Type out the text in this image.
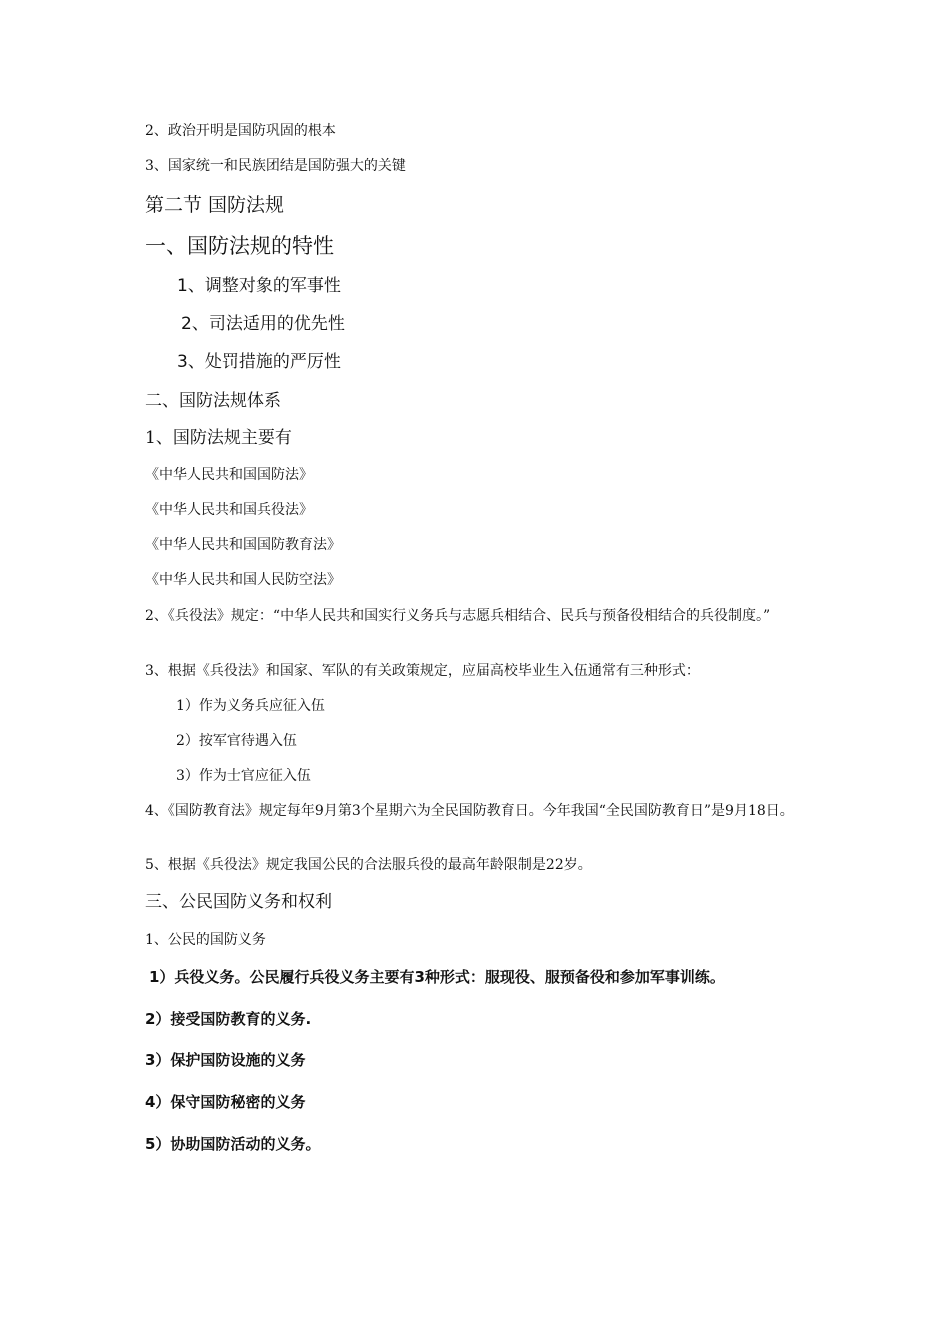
2、政治开明是国防巩固的根本
3、国家统一和民族团结是国防强大的关键
第二节 国防法规
一、国防法规的特性
1、调整对象的军事性
2、司法适用的优先性
3、处罚措施的严厉性
二、国防法规体系
1、国防法规主要有
《中华人民共和国国防法》
《中华人民共和国兵役法》
《中华人民共和国国防教育法》
《中华人民共和国人民防空法》
2、《兵役法》规定：“中华人民共和国实行义务兵与志愿兵相结合、民兵与预备役相结合的兵役制度。”
3、根据《兵役法》和国家、军队的有关政策规定，应届高校毕业生入伍通常有三种形式：
1）作为义务兵应征入伍
2）按军官待遇入伍
3）作为士官应征入伍
4、《国防教育法》规定每年9月第3个星期六为全民国防教育日。今年我国“全民国防教育日”是9月18日。
5、根据《兵役法》规定我国公民的合法服兵役的最高年龄限制是22岁。
三、公民国防义务和权利
1、公民的国防义务
1）兵役义务。公民履行兵役义务主要有3种形式：服现役、服预备役和参加军事训练。
2）接受国防教育的义务.
3）保护国防设施的义务
4）保守国防秘密的义务
5）协助国防活动的义务。
